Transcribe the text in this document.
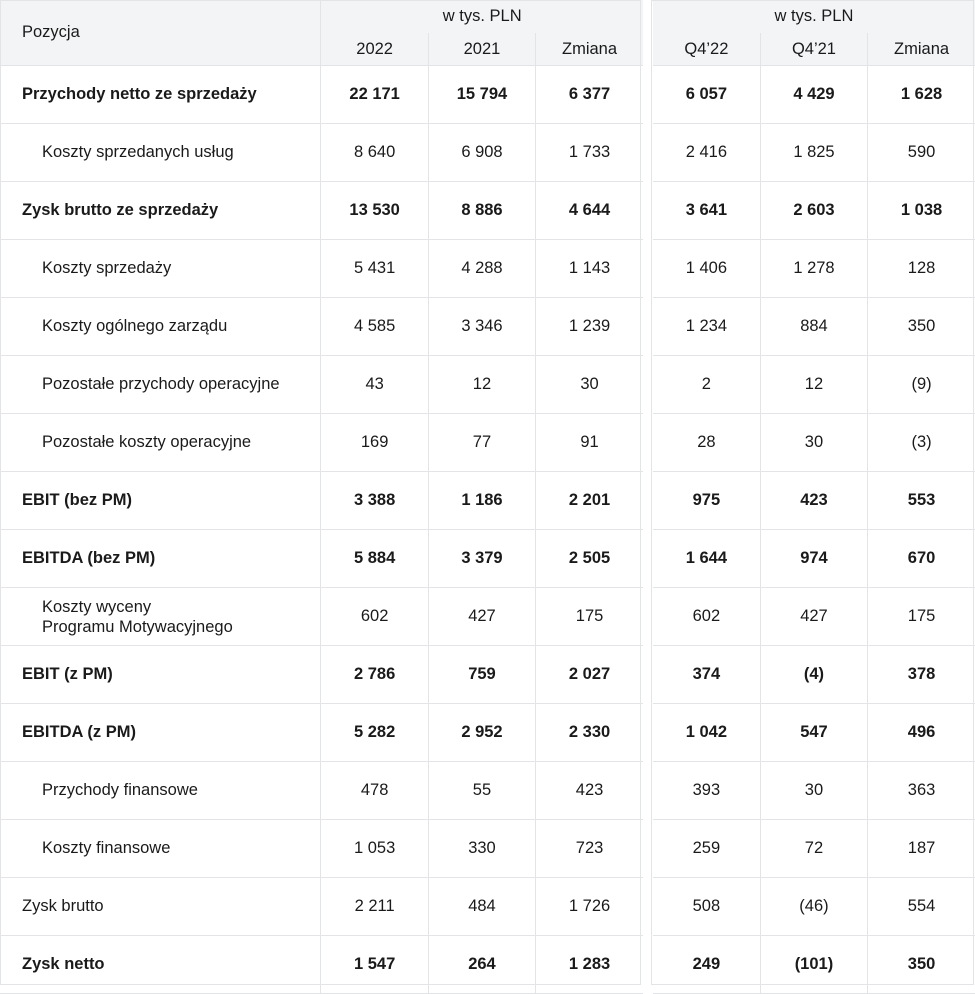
Pozycja	w tys. PLN				w tys. PLN		
	2022	2021	Zmiana		Q4’22	Q4’21	Zmiana
Przychody netto ze sprzedaży	22 171	15 794	6 377		6 057	4 429	1 628
Koszty sprzedanych usług	8 640	6 908	1 733		2 416	1 825	590
Zysk brutto ze sprzedaży	13 530	8 886	4 644		3 641	2 603	1 038
Koszty sprzedaży	5 431	4 288	1 143		1 406	1 278	128
Koszty ogólnego zarządu	4 585	3 346	1 239		1 234	884	350
Pozostałe przychody operacyjne	43	12	30		2	12	(9)
Pozostałe koszty operacyjne	169	77	91		28	30	(3)
EBIT (bez PM)	3 388	1 186	2 201		975	423	553
EBITDA (bez PM)	5 884	3 379	2 505		1 644	974	670
Koszty wyceny
Programu Motywacyjnego	602	427	175		602	427	175
EBIT (z PM)	2 786	759	2 027		374	(4)	378
EBITDA (z PM)	5 282	2 952	2 330		1 042	547	496
Przychody finansowe	478	55	423		393	30	363
Koszty finansowe	1 053	330	723		259	72	187
Zysk brutto	2 211	484	1 726		508	(46)	554
Zysk netto	1 547	264	1 283		249	(101)	350
